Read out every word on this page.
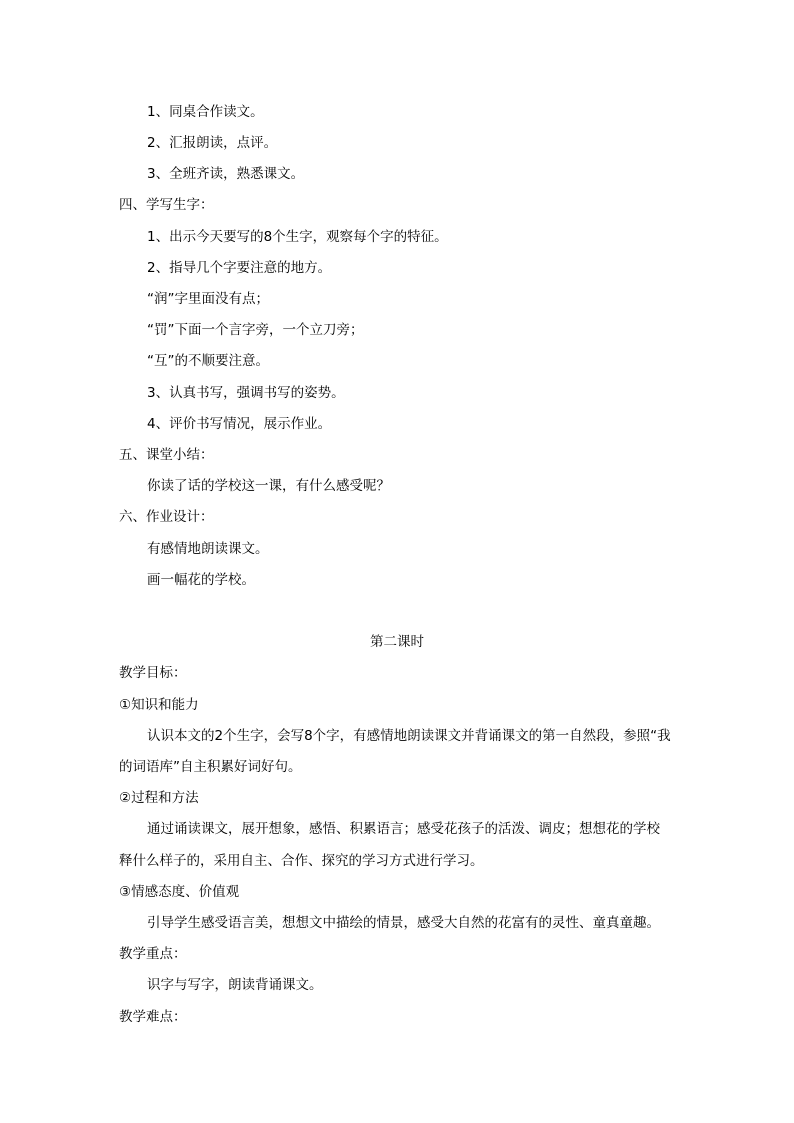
1、同桌合作读文。
2、汇报朗读，点评。
3、全班齐读，熟悉课文。
四、学写生字：
1、出示今天要写的8个生字，观察每个字的特征。
2、指导几个字要注意的地方。
“润”字里面没有点；
“罚”下面一个言字旁，一个立刀旁；
“互”的不顺要注意。
3、认真书写，强调书写的姿势。
4、评价书写情况，展示作业。
五、课堂小结：
你读了话的学校这一课，有什么感受呢？
六、作业设计：
有感情地朗读课文。
画一幅花的学校。
第二课时
教学目标：
①知识和能力
认识本文的2个生字，会写8个字，有感情地朗读课文并背诵课文的第一自然段，参照“我
的词语库”自主积累好词好句。
②过程和方法
通过诵读课文，展开想象，感悟、积累语言；感受花孩子的活泼、调皮；想想花的学校
释什么样子的，采用自主、合作、探究的学习方式进行学习。
③情感态度、价值观
引导学生感受语言美，想想文中描绘的情景，感受大自然的花富有的灵性、童真童趣。
教学重点：
识字与写字，朗读背诵课文。
教学难点：
